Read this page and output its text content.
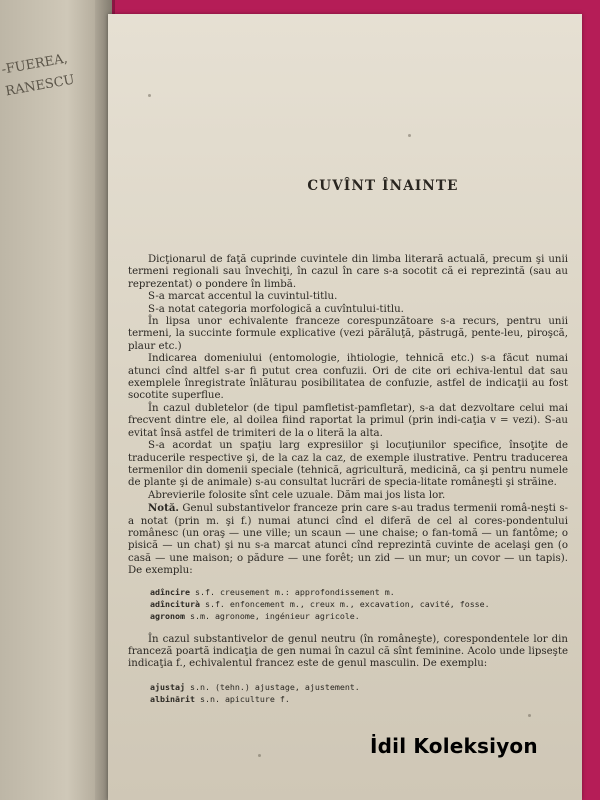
-FUEREA,
RANESCU
CUVÎNT ÎNAINTE

Dicţionarul de faţă cuprinde cuvintele din limba literară actuală, precum şi unii termeni regionali sau învechiţi, în cazul în care s-a socotit că ei reprezintă (sau au reprezentat) o pondere în limbă.

S-a marcat accentul la cuvintul-titlu.

S-a notat categoria morfologică a cuvîntului-titlu.

În lipsa unor echivalente franceze corespunzătoare s-a recurs, pentru unii termeni, la succinte formule explicative (vezi părăluţă, păstrugă, pente-leu, piroşcă, plaur etc.)

Indicarea domeniului (entomologie, ihtiologie, tehnică etc.) s-a făcut numai atunci cînd altfel s-ar fi putut crea confuzii. Ori de cite ori echiva-lentul dat sau exemplele înregistrate înlăturau posibilitatea de confuzie, astfel de indicaţii au fost socotite superflue.

În cazul dubletelor (de tipul pamfletist-pamfletar), s-a dat dezvoltare celui mai frecvent dintre ele, al doilea fiind raportat la primul (prin indi-caţia v = vezi). S-au evitat însă astfel de trimiteri de la o literă la alta.

S-a acordat un spaţiu larg expresiilor şi locuţiunilor specifice, însoţite de traducerile respective şi, de la caz la caz, de exemple ilustrative. Pentru traducerea termenilor din domenii speciale (tehnică, agricultură, medicină, ca şi pentru numele de plante şi de animale) s-au consultat lucrări de specia-litate româneşti şi străine.

Abrevierile folosite sînt cele uzuale. Dăm mai jos lista lor.

Notă. Genul substantivelor franceze prin care s-au tradus termenii româ-neşti s-a notat (prin m. şi f.) numai atunci cînd el diferă de cel al cores-pondentului românesc (un oraş — une ville; un scaun — une chaise; o fan-tomă — un fantôme; o pisică — un chat) şi nu s-a marcat atunci cînd reprezintă cuvinte de acelaşi gen (o casă — une maison; o pădure — une forêt; un zid — un mur; un covor — un tapis). De exemplu:

adîncire s.f. creusement m.: approfondissement m.
adînciturà s.f. enfoncement m., creux m., excavation, cavité, fosse.
agronom s.m. agronome, ingénieur agricole.

În cazul substantivelor de genul neutru (în româneşte), corespondentele lor din franceză poartă indicaţia de gen numai în cazul că sînt feminine. Acolo unde lipseşte indicaţia f., echivalentul francez este de genul masculin. De exemplu:

ajustaj s.n. (tehn.) ajustage, ajustement.
albinărit s.n. apiculture f.
İdil Koleksiyon
